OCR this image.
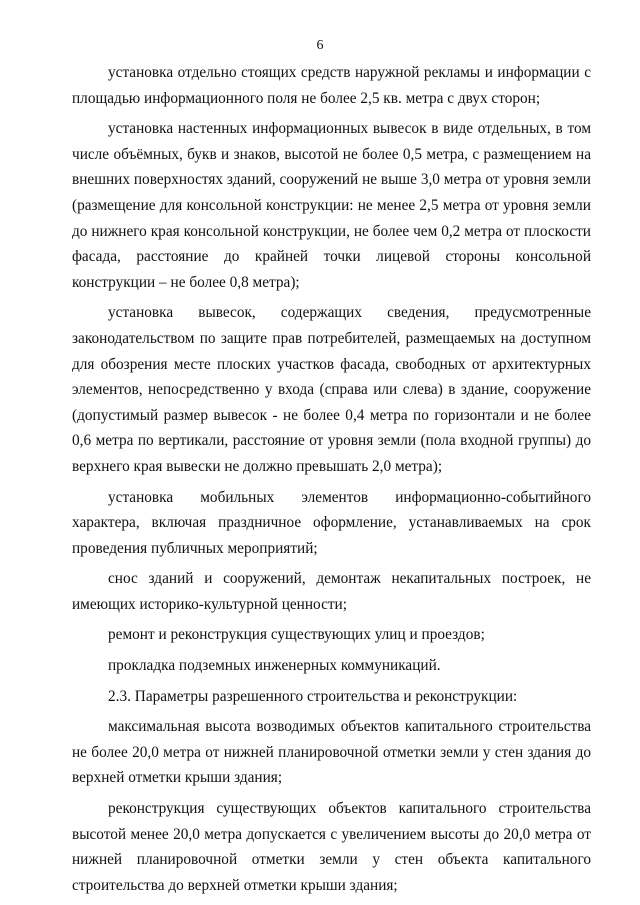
6

установка отдельно стоящих средств наружной рекламы и информации с площадью информационного поля не более 2,5 кв. метра с двух сторон;

установка настенных информационных вывесок в виде отдельных, в том числе объёмных, букв и знаков, высотой не более 0,5 метра, с размещением на внешних поверхностях зданий, сооружений не выше 3,0 метра от уровня земли (размещение для консольной конструкции: не менее 2,5 метра от уровня земли до нижнего края консольной конструкции, не более чем 0,2 метра от плоскости фасада, расстояние до крайней точки лицевой стороны консольной конструкции – не более 0,8 метра);

установка вывесок, содержащих сведения, предусмотренные законодательством по защите прав потребителей, размещаемых на доступном для обозрения месте плоских участков фасада, свободных от архитектурных элементов, непосредственно у входа (справа или слева) в здание, сооружение (допустимый размер вывесок - не более 0,4 метра по горизонтали и не более 0,6 метра по вертикали, расстояние от уровня земли (пола входной группы) до верхнего края вывески не должно превышать 2,0 метра);

установка мобильных элементов информационно-событийного характера, включая праздничное оформление, устанавливаемых на срок проведения публичных мероприятий;

снос зданий и сооружений, демонтаж некапитальных построек, не имеющих историко-культурной ценности;

ремонт и реконструкция существующих улиц и проездов;

прокладка подземных инженерных коммуникаций.

2.3. Параметры разрешенного строительства и реконструкции:

максимальная высота возводимых объектов капитального строительства не более 20,0 метра от нижней планировочной отметки земли у стен здания до верхней отметки крыши здания;

реконструкция существующих объектов капитального строительства высотой менее 20,0 метра допускается с увеличением высоты до 20,0 метра от нижней планировочной отметки земли у стен объекта капитального строительства до верхней отметки крыши здания;
